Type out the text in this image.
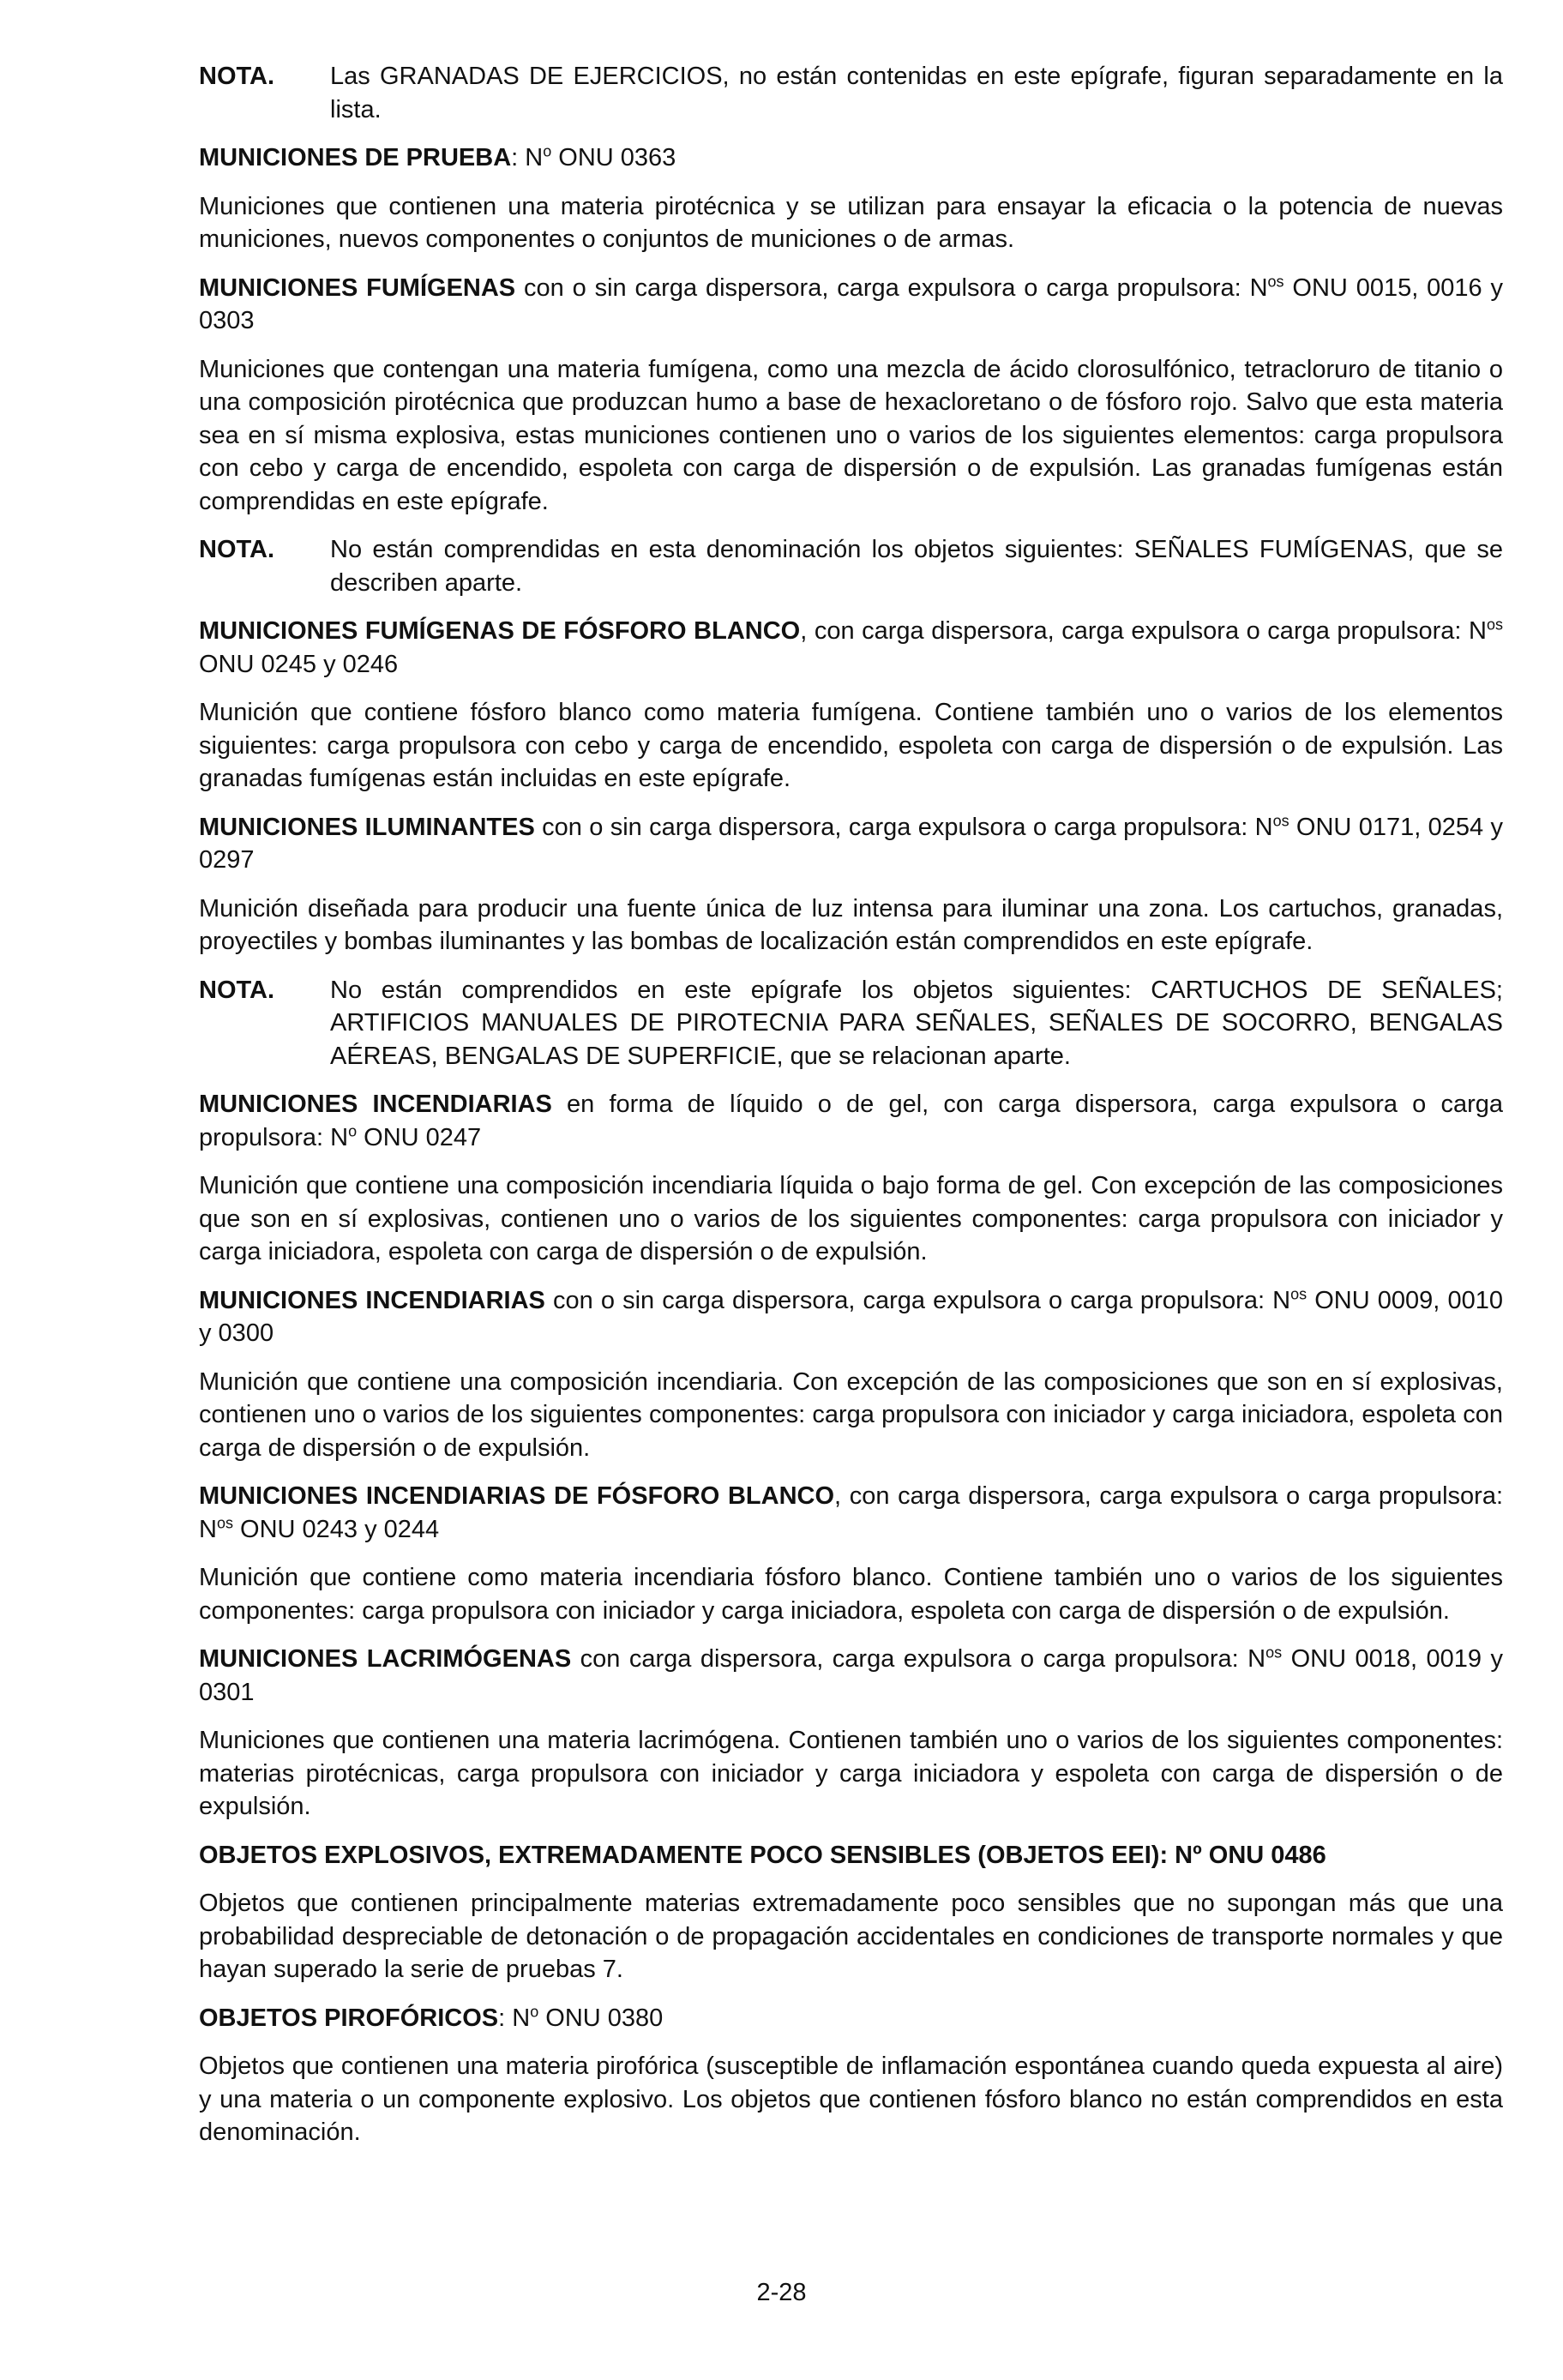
NOTA.	Las GRANADAS DE EJERCICIOS, no están contenidas en este epígrafe, figuran separadamente en la lista.
MUNICIONES DE PRUEBA: $N^o$ ONU 0363
Municiones que contienen una materia pirotécnica y se utilizan para ensayar la eficacia o la potencia de nuevas municiones, nuevos componentes o conjuntos de municiones o de armas.
MUNICIONES FUMÍGENAS con o sin carga dispersora, carga expulsora o carga propulsora: $N^{os}$ ONU 0015, 0016 y 0303
Municiones que contengan una materia fumígena, como una mezcla de ácido clorosulfónico, tetracloruro de titanio o una composición pirotécnica que produzcan humo a base de hexacloretano o de fósforo rojo. Salvo que esta materia sea en sí misma explosiva, estas municiones contienen uno o varios de los siguientes elementos: carga propulsora con cebo y carga de encendido, espoleta con carga de dispersión o de expulsión. Las granadas fumígenas están comprendidas en este epígrafe.
NOTA.	No están comprendidas en esta denominación los objetos siguientes: SEÑALES FUMÍGENAS, que se describen aparte.
MUNICIONES FUMÍGENAS DE FÓSFORO BLANCO, con carga dispersora, carga expulsora o carga propulsora: $N^{os}$ ONU 0245 y 0246
Munición que contiene fósforo blanco como materia fumígena. Contiene también uno o varios de los elementos siguientes: carga propulsora con cebo y carga de encendido, espoleta con carga de dispersión o de expulsión. Las granadas fumígenas están incluidas en este epígrafe.
MUNICIONES ILUMINANTES con o sin carga dispersora, carga expulsora o carga propulsora: $N^{os}$ ONU 0171, 0254 y 0297
Munición diseñada para producir una fuente única de luz intensa para iluminar una zona. Los cartuchos, granadas, proyectiles y bombas iluminantes y las bombas de localización están comprendidos en este epígrafe.
NOTA.	No están comprendidos en este epígrafe los objetos siguientes: CARTUCHOS DE SEÑALES; ARTIFICIOS MANUALES DE PIROTECNIA PARA SEÑALES, SEÑALES DE SOCORRO, BENGALAS AÉREAS, BENGALAS DE SUPERFICIE, que se relacionan aparte.
MUNICIONES INCENDIARIAS en forma de líquido o de gel, con carga dispersora, carga expulsora o carga propulsora: $N^o$ ONU 0247
Munición que contiene una composición incendiaria líquida o bajo forma de gel. Con excepción de las composiciones que son en sí explosivas, contienen uno o varios de los siguientes componentes: carga propulsora con iniciador y carga iniciadora, espoleta con carga de dispersión o de expulsión.
MUNICIONES INCENDIARIAS con o sin carga dispersora, carga expulsora o carga propulsora: $N^{os}$ ONU 0009, 0010 y 0300
Munición que contiene una composición incendiaria. Con excepción de las composiciones que son en sí explosivas, contienen uno o varios de los siguientes componentes: carga propulsora con iniciador y carga iniciadora, espoleta con carga de dispersión o de expulsión.
MUNICIONES INCENDIARIAS DE FÓSFORO BLANCO, con carga dispersora, carga expulsora o carga propulsora: $N^{os}$ ONU 0243 y 0244
Munición que contiene como materia incendiaria fósforo blanco. Contiene también uno o varios de los siguientes componentes: carga propulsora con iniciador y carga iniciadora, espoleta con carga de dispersión o de expulsión.
MUNICIONES LACRIMÓGENAS con carga dispersora, carga expulsora o carga propulsora: $N^{os}$ ONU 0018, 0019 y 0301
Municiones que contienen una materia lacrimógena. Contienen también uno o varios de los siguientes componentes: materias pirotécnicas, carga propulsora con iniciador y carga iniciadora y espoleta con carga de dispersión o de expulsión.
OBJETOS EXPLOSIVOS, EXTREMADAMENTE POCO SENSIBLES (OBJETOS EEI): Nº ONU 0486
Objetos que contienen principalmente materias extremadamente poco sensibles que no supongan más que una probabilidad despreciable de detonación o de propagación accidentales en condiciones de transporte normales y que hayan superado la serie de pruebas 7.
OBJETOS PIROFÓRICOS: $N^o$ ONU 0380
Objetos que contienen una materia pirofórica (susceptible de inflamación espontánea cuando queda expuesta al aire) y una materia o un componente explosivo. Los objetos que contienen fósforo blanco no están comprendidos en esta denominación.
2-28
